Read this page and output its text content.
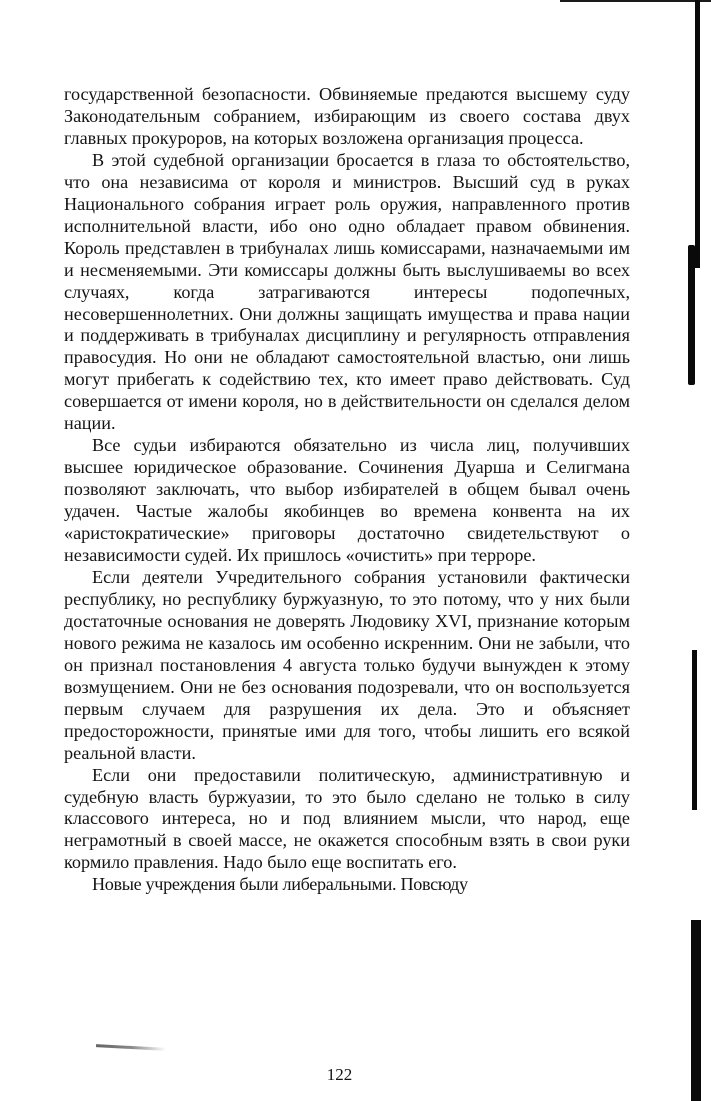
государственной безопасности. Обвиняемые предаются высшему суду Законодательным собранием, избирающим из своего состава двух главных прокуроров, на которых возложена организация процесса.

В этой судебной организации бросается в глаза то обстоятельство, что она независима от короля и министров. Высший суд в руках Национального собрания играет роль оружия, направленного против исполнительной власти, ибо оно одно обладает правом обвинения. Король представлен в трибуналах лишь комиссарами, назначаемыми им и несменяемыми. Эти комиссары должны быть выслушиваемы во всех случаях, когда затрагиваются интересы подопечных, несовершеннолетних. Они должны защищать имущества и права нации и поддерживать в трибуналах дисциплину и регулярность отправления правосудия. Но они не обладают самостоятельной властью, они лишь могут прибегать к содействию тех, кто имеет право действовать. Суд совершается от имени короля, но в действительности он сделался делом нации.

Все судьи избираются обязательно из числа лиц, получивших высшее юридическое образование. Сочинения Дуарша и Селигмана позволяют заключать, что выбор избирателей в общем бывал очень удачен. Частые жалобы якобинцев во времена конвента на их «аристократические» приговоры достаточно свидетельствуют о независимости судей. Их пришлось «очистить» при терроре.

Если деятели Учредительного собрания установили фактически республику, но республику буржуазную, то это потому, что у них были достаточные основания не доверять Людовику XVI, признание которым нового режима не казалось им особенно искренним. Они не забыли, что он признал постановления 4 августа только будучи вынужден к этому возмущением. Они не без основания подозревали, что он воспользуется первым случаем для разрушения их дела. Это и объясняет предосторожности, принятые ими для того, чтобы лишить его всякой реальной власти.

Если они предоставили политическую, административную и судебную власть буржуазии, то это было сделано не только в силу классового интереса, но и под влиянием мысли, что народ, еще неграмотный в своей массе, не окажется способным взять в свои руки кормило правления. Надо было еще воспитать его.

Новые учреждения были либеральными. Повсюду

122
